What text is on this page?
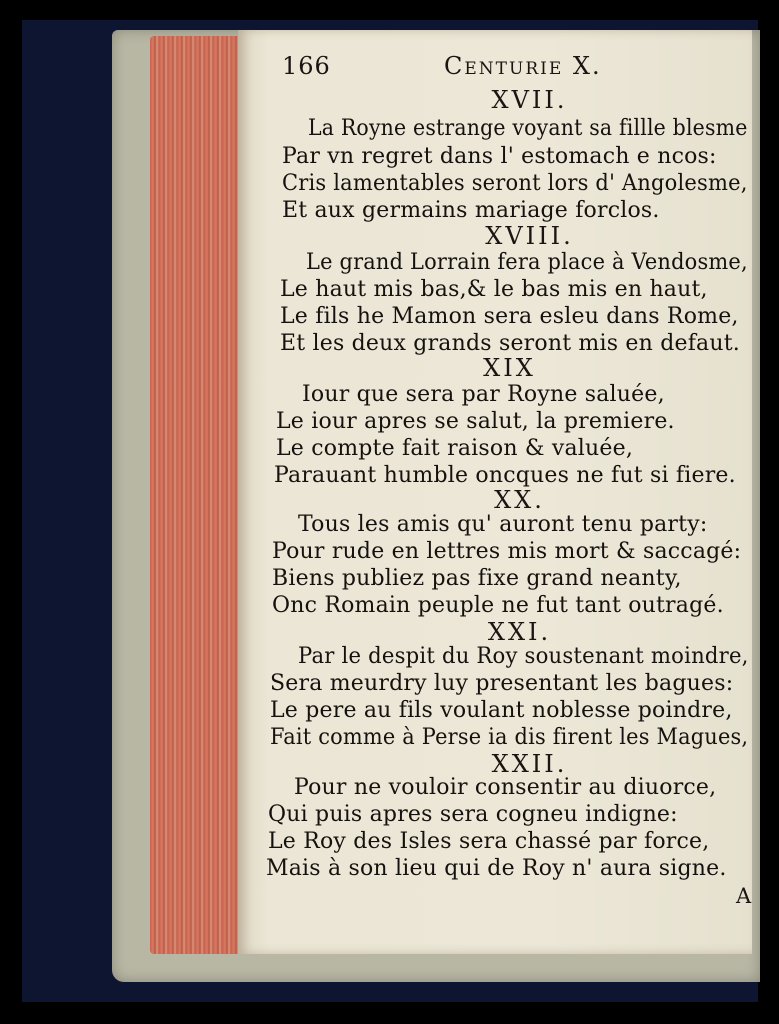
166	Centurie X.
XVII.
La Royne estrange voyant sa fillle blesme
Par vn regret dans l' estomach e ncos:
Cris lamentables seront lors d' Angolesme,
Et aux germains mariage forclos.
XVIII.
Le grand Lorrain fera place à Vendosme,
Le haut mis bas,& le bas mis en haut,
Le fils he Mamon sera esleu dans Rome,
Et les deux grands seront mis en defaut.
XIX
Iour que sera par Royne saluée,
Le iour apres se salut, la premiere.
Le compte fait raison & valuée,
Parauant humble oncques ne fut si fiere.
XX.
Tous les amis qu' auront tenu party:
Pour rude en lettres mis mort & saccagé:
Biens publiez pas fixe grand neanty,
Onc Romain peuple ne fut tant outragé.
XXI.
Par le despit du Roy soustenant moindre,
Sera meurdry luy presentant les bagues:
Le pere au fils voulant noblesse poindre,
Fait comme à Perse ia dis firent les Magues,
XXII.
Pour ne vouloir consentir au diuorce,
Qui puis apres sera cogneu indigne:
Le Roy des Isles sera chassé par force,
Mais à son lieu qui de Roy n' aura signe.
A
